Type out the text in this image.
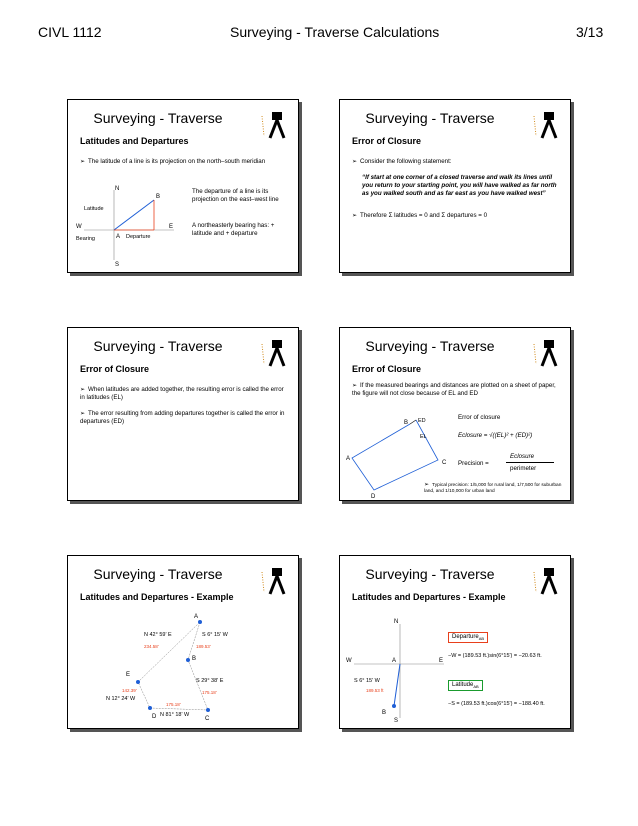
CIVL 1112	Surveying - Traverse Calculations	3/13
Surveying - Traverse
Latitudes and Departures
➢ The latitude of a line is its projection on the north–south meridian
N
S
E
W
A
B
Latitude
Departure
Bearing
The departure of a line is its projection on the east–west line
A northeasterly bearing has: + latitude and + departure
Surveying - Traverse
Error of Closure
➢ Consider the following statement:
“If start at one corner of a closed traverse and walk its lines until you return to your starting point, you will have walked as far north as you walked south and as far east as you have walked west”
➢ Therefore Σ latitudes = 0 and Σ departures = 0
Surveying - Traverse
Error of Closure
➢ When latitudes are added together, the resulting error is called the error in latitudes (EL)
➢ The error resulting from adding departures together is called the error in departures (ED)
Surveying - Traverse
Error of Closure
➢ If the measured bearings and distances are plotted on a sheet of paper, the figure will not close because of EL and ED
B
C
D
A
ED
EL
Error of closure
Eclosure = √((EL)² + (ED)²)
Precision =
Eclosure
perimeter
➢ Typical precision: 1/5,000 for rural land, 1/7,500 for suburban land, and 1/10,000 for urban land
Surveying - Traverse
Latitudes and Departures - Example
A
B
C
D
E
S 6° 15' W
189.53'
S 29° 38' E
175.18'
N 81° 18' W
175.18'
N 12° 24' W
142.39'
N 42° 59' E
234.58'
Surveying - Traverse
Latitudes and Departures - Example
N
S
E
W	A
B
S 6° 15' W
189.53 ft
Departure$_{AB}$
−W = (189.53 ft.)sin(6°15') = −20.63 ft.
Latitude$_{AB}$
−S = (189.53 ft.)cos(6°15') = −188.40 ft.
